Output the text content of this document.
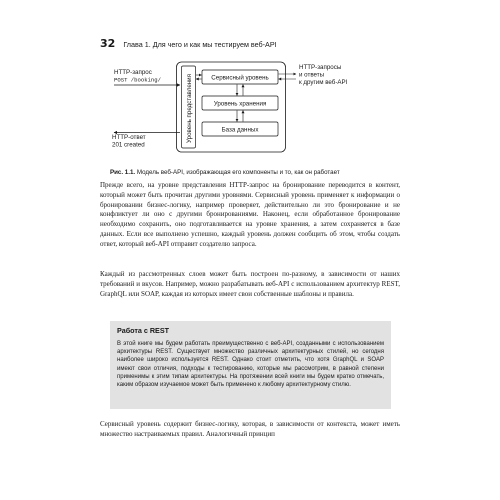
32 Глава 1. Для чего и как мы тестируем веб-API
HTTP-запрос
POST /booking/
HTTP-ответ
201 created
Уровень представления	Сервисный уровень
Уровень хранения
База данных
HTTP-запросы
и ответы
к другим веб-API
Рис. 1.1. Модель веб-API, изображающая его компоненты и то, как он работает

Прежде всего, на уровне представления HTTP-запрос на бронирование переводится в контент, который может быть прочитан другими уровнями. Сервисный уровень применяет к информации о бронировании бизнес-логику, например проверяет, действительно ли это бронирование и не конфликтует ли оно с другими бронированиями. Наконец, если обработанное бронирование необходимо сохранить, оно подготавливается на уровне хранения, а затем сохраняется в базе данных. Если все выполнено успешно, каждый уровень должен сообщить об этом, чтобы создать ответ, который веб-API отправит создателю запроса.

Каждый из рассмотренных слоев может быть построен по-разному, в зависимости от наших требований и вкусов. Например, можно разрабатывать веб-API с использованием архитектур REST, GraphQL или SOAP, каждая из которых имеет свои собственные шаблоны и правила.

Работа с REST

В этой книге мы будем работать преимущественно с веб-API, созданными с использованием архитектуры REST. Существует множество различных архитектурных стилей, но сегодня наиболее широко используется REST. Однако стоит отметить, что хотя GraphQL и SOAP имеют свои отличия, подходы к тестированию, которые мы рассмотрим, в равной степени применимы к этим типам архитектуры. На протяжении всей книги мы будем кратко отмечать, каким образом изучаемое может быть применено к любому архитектурному стилю.

Сервисный уровень содержит бизнес-логику, которая, в зависимости от контекста, может иметь множество настраиваемых правил. Аналогичный принцип
